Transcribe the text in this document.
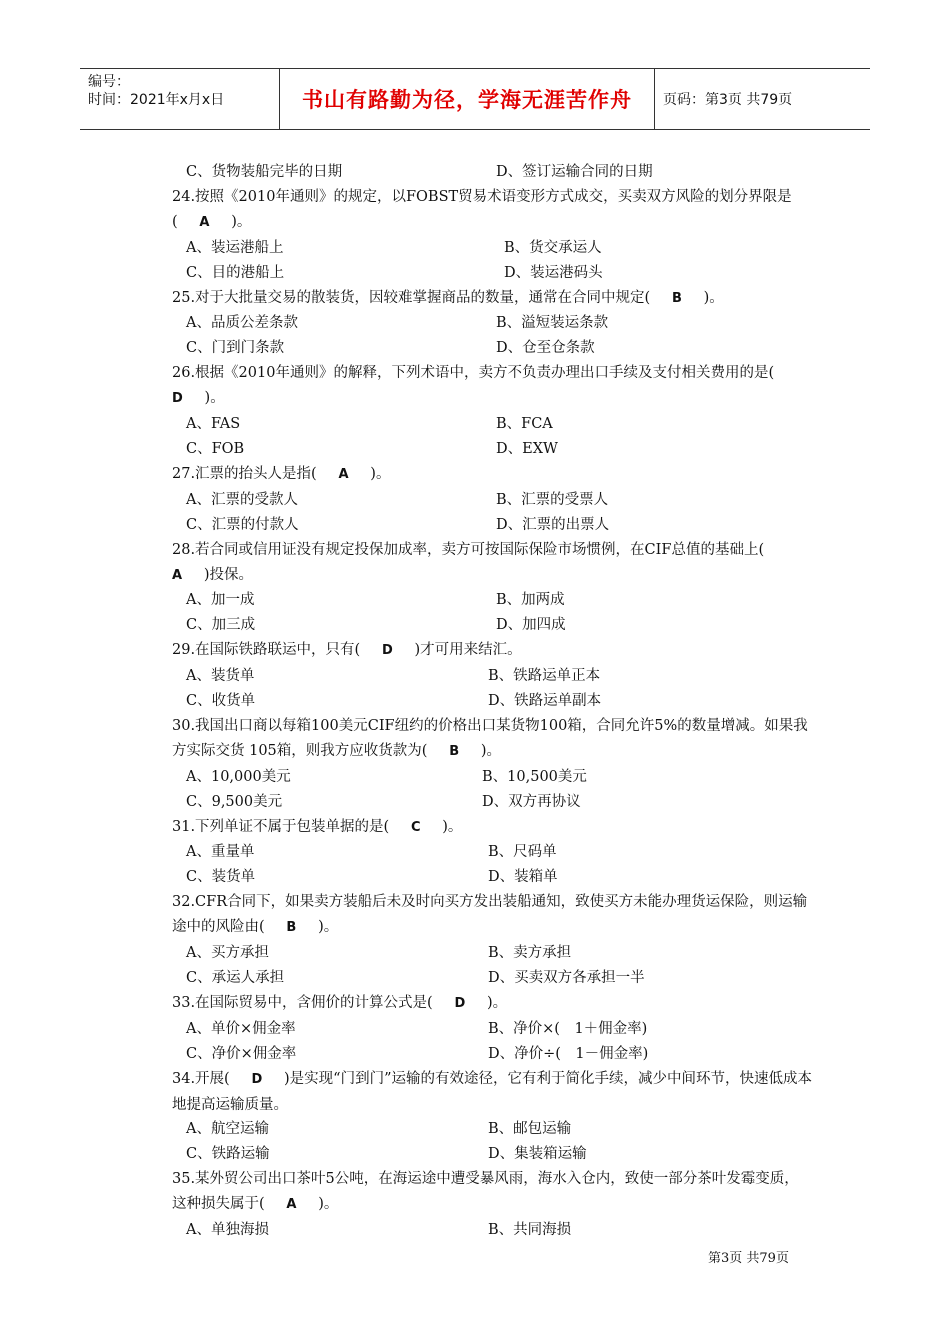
编号：
时间：2021年x月x日	书山有路勤为径，学海无涯苦作舟	页码：第3页 共79页
C、货物装船完毕的日期	D、签订运输合同的日期

24.按照《2010年通则》的规定，以FOBST贸易术语变形方式成交，买卖双方风险的划分界限是(   A   )。

A、装运港船上	B、货交承运人
C、目的港船上	D、装运港码头

25.对于大批量交易的散装货，因较难掌握商品的数量，通常在合同中规定(   B   )。

A、品质公差条款	B、溢短装运条款
C、门到门条款	D、仓至仓条款

26.根据《2010年通则》的解释，下列术语中，卖方不负责办理出口手续及支付相关费用的是(  D   )。

A、FAS	B、FCA
C、FOB	D、EXW

27.汇票的抬头人是指(   A   )。

A、汇票的受款人	B、汇票的受票人
C、汇票的付款人	D、汇票的出票人

28.若合同或信用证没有规定投保加成率，卖方可按国际保险市场惯例，在CIF总值的基础上(  A   )投保。

A、加一成	B、加两成
C、加三成	D、加四成

29.在国际铁路联运中，只有(   D   )才可用来结汇。

A、装货单	B、铁路运单正本
C、收货单	D、铁路运单副本

30.我国出口商以每箱100美元CIF纽约的价格出口某货物100箱，合同允许5%的数量增减。如果我方实际交货 105箱，则我方应收货款为(   B   )。

A、10,000美元	B、10,500美元
C、9,500美元	D、双方再协议

31.下列单证不属于包装单据的是(   C   )。

A、重量单	B、尺码单
C、装货单	D、装箱单

32.CFR合同下，如果卖方装船后未及时向买方发出装船通知，致使买方未能办理货运保险，则运输途中的风险由(   B   )。

A、买方承担	B、卖方承担
C、承运人承担	D、买卖双方各承担一半

33.在国际贸易中，含佣价的计算公式是(   D   )。

A、单价×佣金率	B、净价×(　1＋佣金率)
C、净价×佣金率	D、净价÷(　1－佣金率)

34.开展(   D   )是实现“门到门”运输的有效途径，它有利于简化手续，减少中间环节，快速低成本地提高运输质量。

A、航空运输	B、邮包运输
C、铁路运输	D、集装箱运输

35.某外贸公司出口茶叶5公吨，在海运途中遭受暴风雨，海水入仓内，致使一部分茶叶发霉变质，这种损失属于(   A   )。

A、单独海损	B、共同海损
第3页 共79页
